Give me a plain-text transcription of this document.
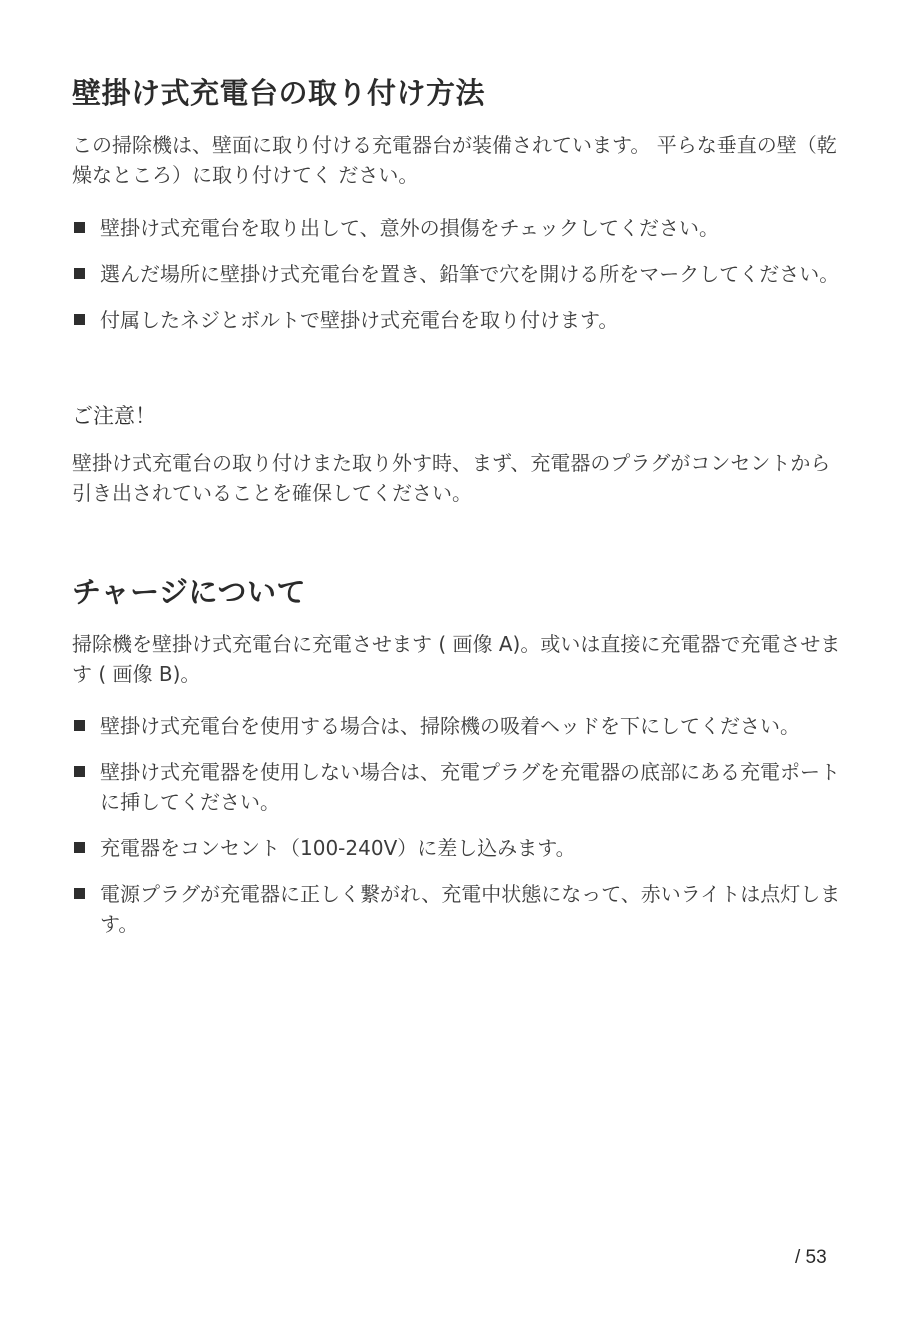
壁掛け式充電台の取り付け方法

この掃除機は、壁面に取り付ける充電器台が装備されています。 平らな垂直の壁（乾燥なところ）に取り付けてく ださい。

壁掛け式充電台を取り出して、意外の損傷をチェックしてください。
選んだ場所に壁掛け式充電台を置き、鉛筆で穴を開ける所をマークしてください。
付属したネジとボルトで壁掛け式充電台を取り付けます。
ご注意！

壁掛け式充電台の取り付けまた取り外す時、まず、充電器のプラグがコンセントから引き出されていることを確保してください。

チャージについて

掃除機を壁掛け式充電台に充電させます ( 画像 A)。或いは直接に充電器で充電させます ( 画像 B)。

壁掛け式充電台を使用する場合は、掃除機の吸着ヘッドを下にしてください。
壁掛け式充電器を使用しない場合は、充電プラグを充電器の底部にある充電ポートに挿してください。
充電器をコンセント（100-240V）に差し込みます。
電源プラグが充電器に正しく繋がれ、充電中状態になって、赤いライトは点灯します。
/ 53
